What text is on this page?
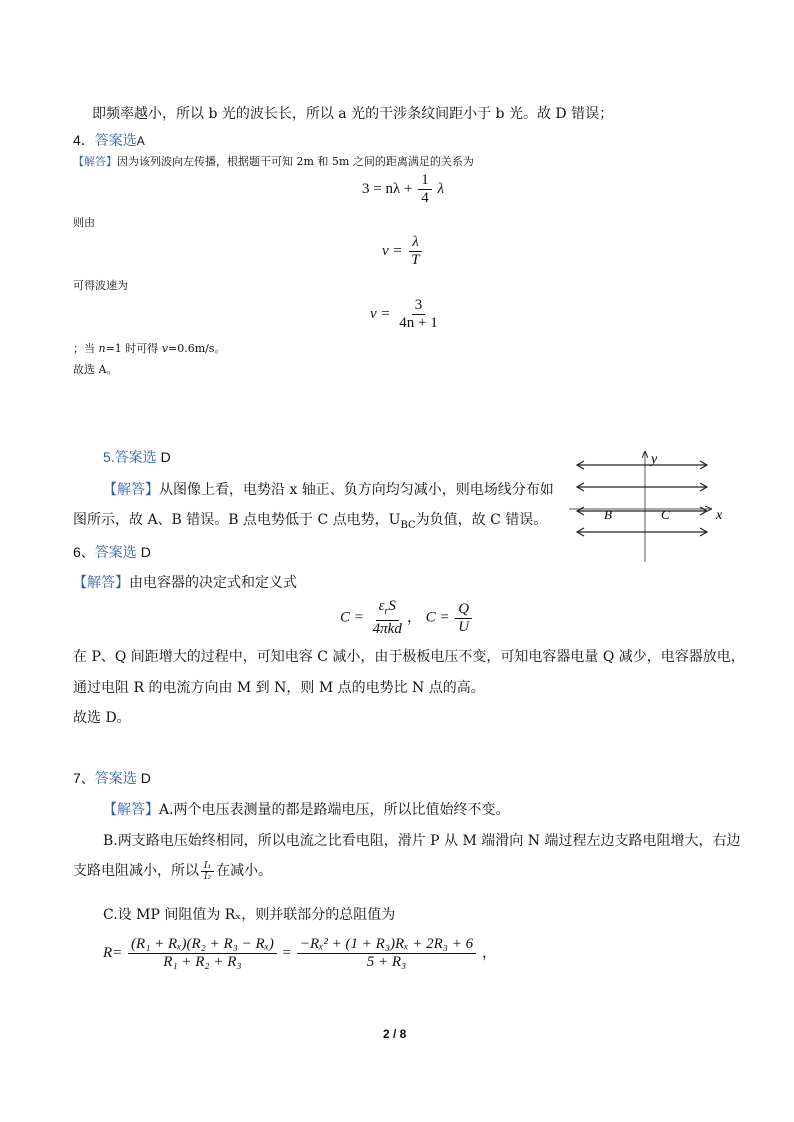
即频率越小，所以 b 光的波长长，所以 a 光的干涉条纹间距小于 b 光。故 D 错误；
4．答案选A
【解答】因为该列波向左传播，根据题干可知 2m 和 5m 之间的距离满足的关系为
$3 = n\lambda + \frac{1}{4}$ λ
则由
$v = \frac{\lambda}{T}$
可得波速为
$v = \frac{3}{4n + 1}$
；当 n=1 时可得 v=0.6m/s。
故选 A。
5.答案选 D
【解答】从图像上看，电势沿 x 轴正、负方向均匀减小，则电场线分布如
图所示，故 A、B 错误。B 点电势低于 C 点电势，$U_{BC}$为负值，故 C 错误。
y
x
B	C
6、答案选 D
【解答】由电容器的决定式和定义式
$C = \frac{\varepsilon_rS}{\text{4πkd}}$ ， $C = \frac{Q}{U}$
在 P、Q 间距增大的过程中，可知电容 C 减小，由于极板电压不变，可知电容器电量 Q 减少，电容器放电，
通过电阻 R 的电流方向由 M 到 N，则 M 点的电势比 N 点的高。
故选 D。
7、答案选 D
【解答】A.两个电压表测量的都是路端电压，所以比值始终不变。
B.两支路电压始终相同，所以电流之比看电阻，滑片 P 从 M 端滑向 N 端过程左边支路电阻增大，右边
支路电阻减小，所以 $\frac{\text{I₁}}{\text{I₂}}$ 在减小。
C.设 MP 间阻值为 Rₓ，则并联部分的总阻值为
$R= \frac{\text{(R₁ + Rₓ)(R₂ + R₃ − Rₓ)}}{\text{R₁ + R₂ + R₃}} = \frac{\text{−Rₓ² + (1 + R₃)Rₓ + 2R₃ + 6}}{\text{5 + R₃}}$ ，
2 / 8
